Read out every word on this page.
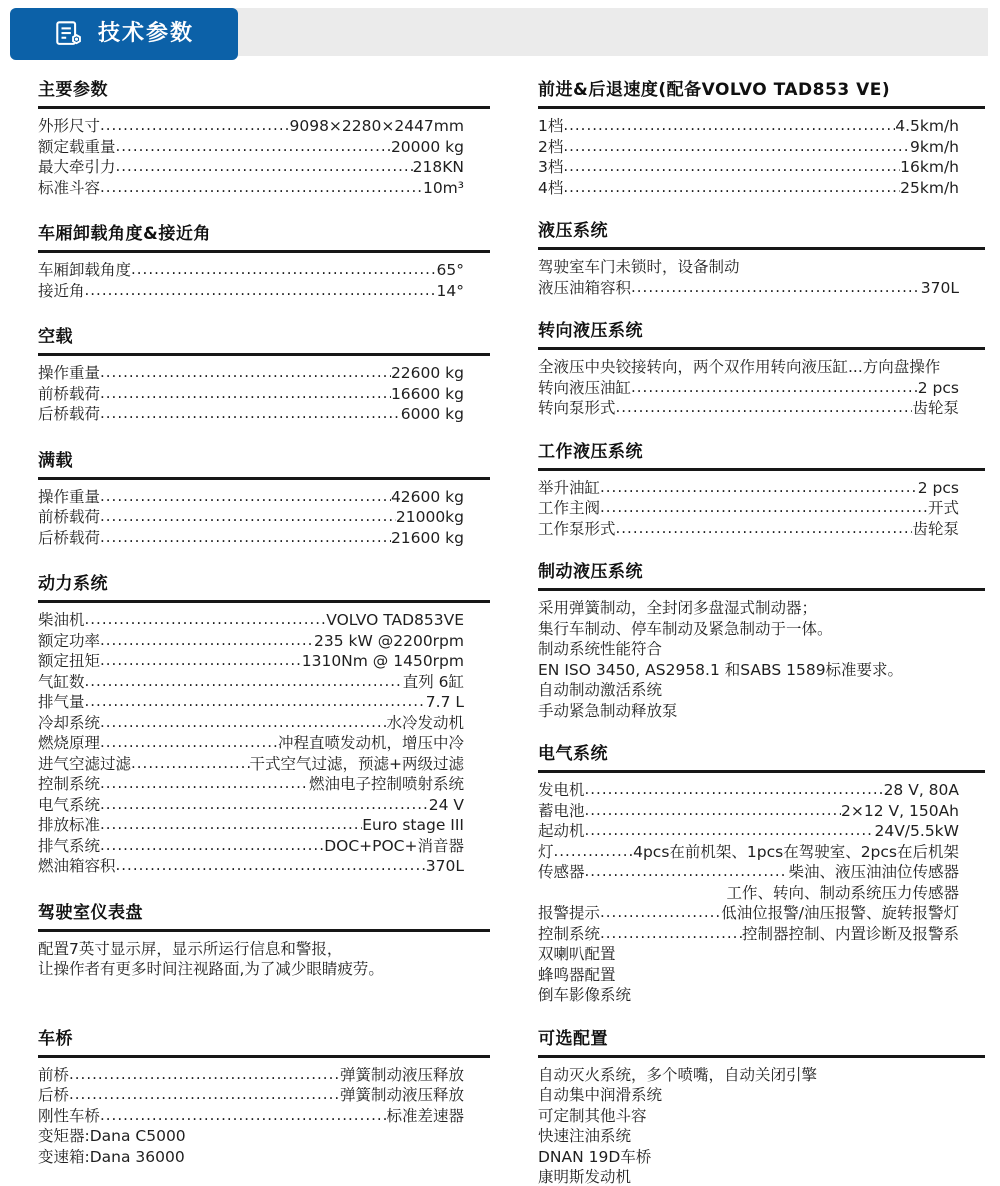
技术参数
主要参数
外形尺寸 .....	9098×2280×2447mm
额定载重量 .....	20000 kg
最大牵引力 .....	218KN
标准斗容 .....	10m³
车厢卸载角度&接近角
车厢卸载角度 .....	65°
接近角 .....	14°
空载
操作重量 .....	22600 kg
前桥载荷 .....	16600 kg
后桥载荷 .....	6000 kg
满载
操作重量 .....	42600 kg
前桥载荷 .....	21000kg
后桥载荷 .....	21600 kg
动力系统
柴油机 .....	VOLVO TAD853VE
额定功率 .....	235 kW @2200rpm
额定扭矩 .....	1310Nm @ 1450rpm
气缸数 .....	直列 6缸
排气量 .....	7.7 L
冷却系统 .....	水冷发动机
燃烧原理 .....	冲程直喷发动机，增压中冷
进气空滤过滤 .....	干式空气过滤，预滤+两级过滤
控制系统 .....	燃油电子控制喷射系统
电气系统 .....	24 V
排放标准 .....	Euro stage III
排气系统 .....	DOC+POC+消音器
燃油箱容积 .....	370L
驾驶室仪表盘
配置7英寸显示屏，显示所运行信息和警报，
让操作者有更多时间注视路面,为了减少眼睛疲劳。
车桥
前桥 .....	弹簧制动液压释放
后桥 .....	弹簧制动液压释放
刚性车桥 .....	标准差速器
变矩器:Dana C5000
变速箱:Dana 36000
前进&后退速度(配备VOLVO TAD853 VE)
1档 .....	4.5km/h
2档 .....	9km/h
3档 .....	16km/h
4档 .....	25km/h
液压系统
驾驶室车门未锁时，设备制动
液压油箱容积 .....	370L
转向液压系统
全液压中央铰接转向，两个双作用转向液压缸...方向盘操作
转向液压油缸 .....	2 pcs
转向泵形式 .....	齿轮泵
工作液压系统
举升油缸 .....	2 pcs
工作主阀 .....	开式
工作泵形式 .....	齿轮泵
制动液压系统
采用弹簧制动，全封闭多盘湿式制动器；
集行车制动、停车制动及紧急制动于一体。
制动系统性能符合
EN ISO 3450, AS2958.1 和SABS 1589标准要求。
自动制动激活系统
手动紧急制动释放泵
电气系统
发电机 .....	28 V, 80A
蓄电池 .....	2×12 V, 150Ah
起动机 .....	24V/5.5kW
灯 .....	4pcs在前机架、1pcs在驾驶室、2pcs在后机架
传感器 .....	柴油、液压油油位传感器
工作、转向、制动系统压力传感器
报警提示 .....	低油位报警/油压报警、旋转报警灯
控制系统 .....	控制器控制、内置诊断及报警系
双喇叭配置
蜂鸣器配置
倒车影像系统
可选配置
自动灭火系统，多个喷嘴，自动关闭引擎
自动集中润滑系统
可定制其他斗容
快速注油系统
DNAN 19D车桥
康明斯发动机
